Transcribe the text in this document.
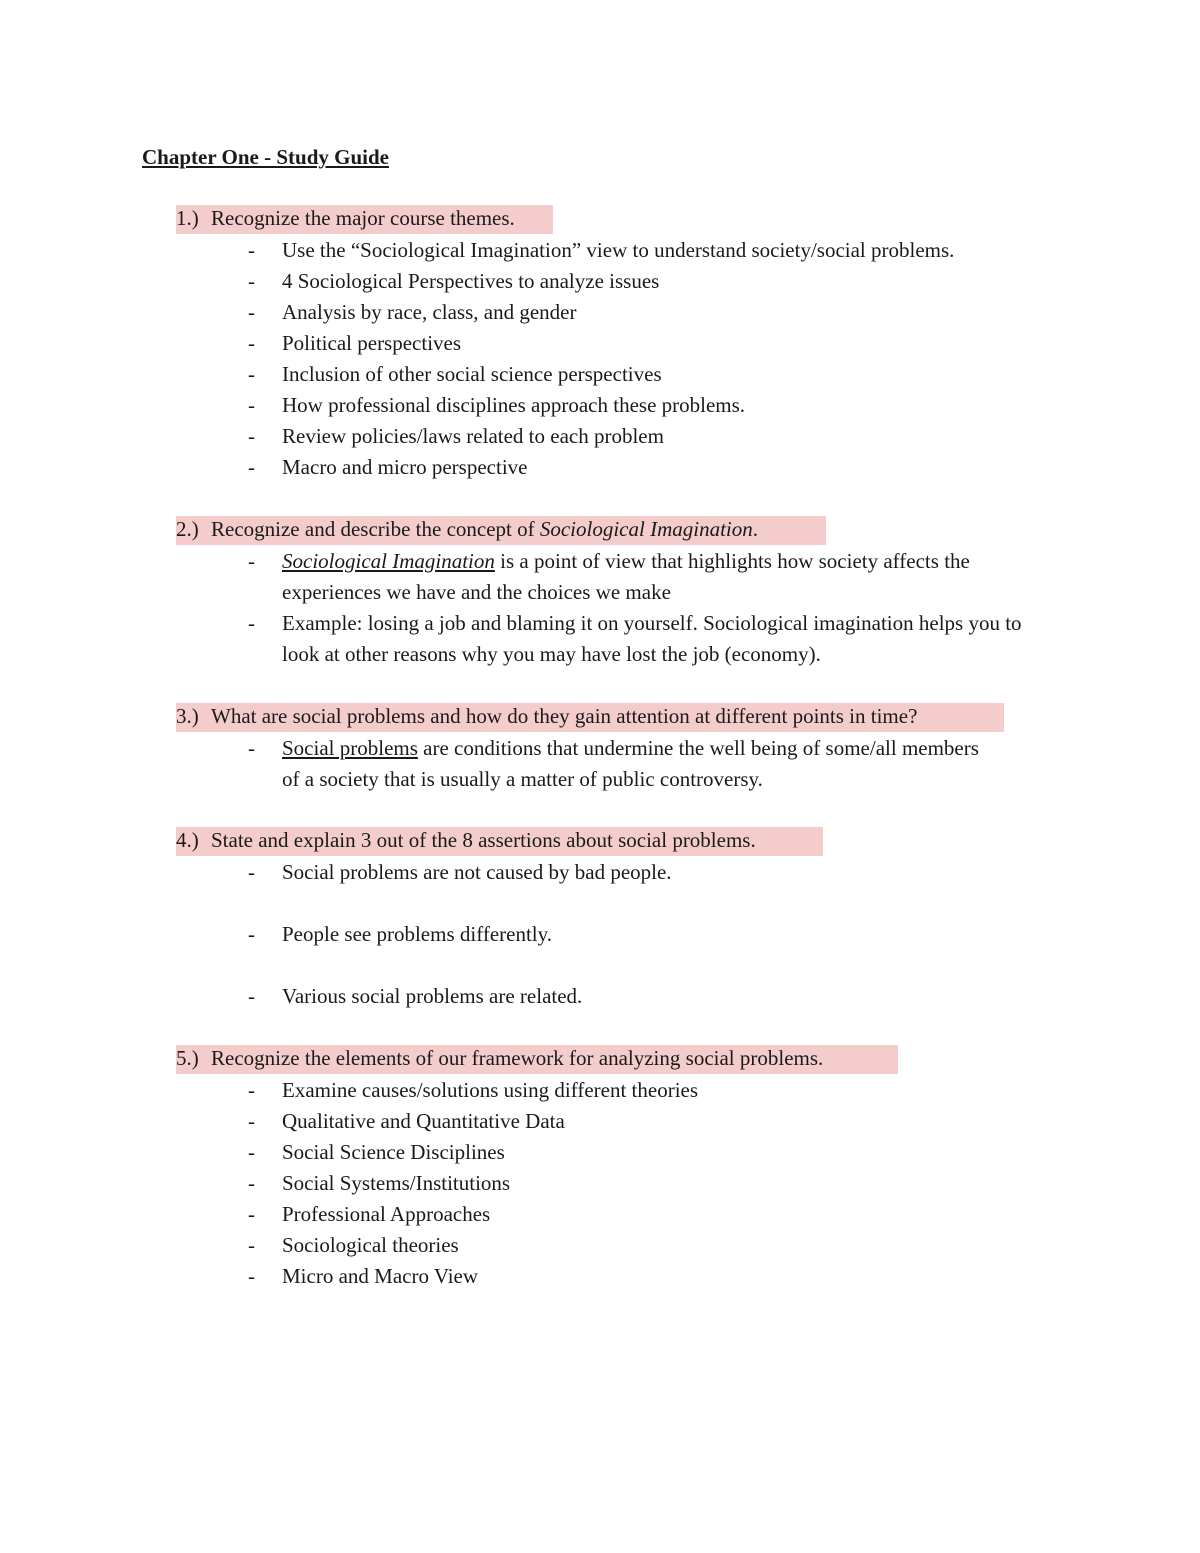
Chapter One - Study Guide
1.) Recognize the major course themes.
- Use the “Sociological Imagination” view to understand society/social problems.
- 4 Sociological Perspectives to analyze issues
- Analysis by race, class, and gender
- Political perspectives
- Inclusion of other social science perspectives
- How professional disciplines approach these problems.
- Review policies/laws related to each problem
- Macro and micro perspective
2.) Recognize and describe the concept of Sociological Imagination.
- Sociological Imagination is a point of view that highlights how society affects the experiences we have and the choices we make
- Example: losing a job and blaming it on yourself. Sociological imagination helps you to look at other reasons why you may have lost the job (economy).
3.) What are social problems and how do they gain attention at different points in time?
- Social problems are conditions that undermine the well being of some/all members of a society that is usually a matter of public controversy.
4.) State and explain 3 out of the 8 assertions about social problems.
- Social problems are not caused by bad people.
- People see problems differently.
- Various social problems are related.
5.) Recognize the elements of our framework for analyzing social problems.
- Examine causes/solutions using different theories
- Qualitative and Quantitative Data
- Social Science Disciplines
- Social Systems/Institutions
- Professional Approaches
- Sociological theories
- Micro and Macro View
